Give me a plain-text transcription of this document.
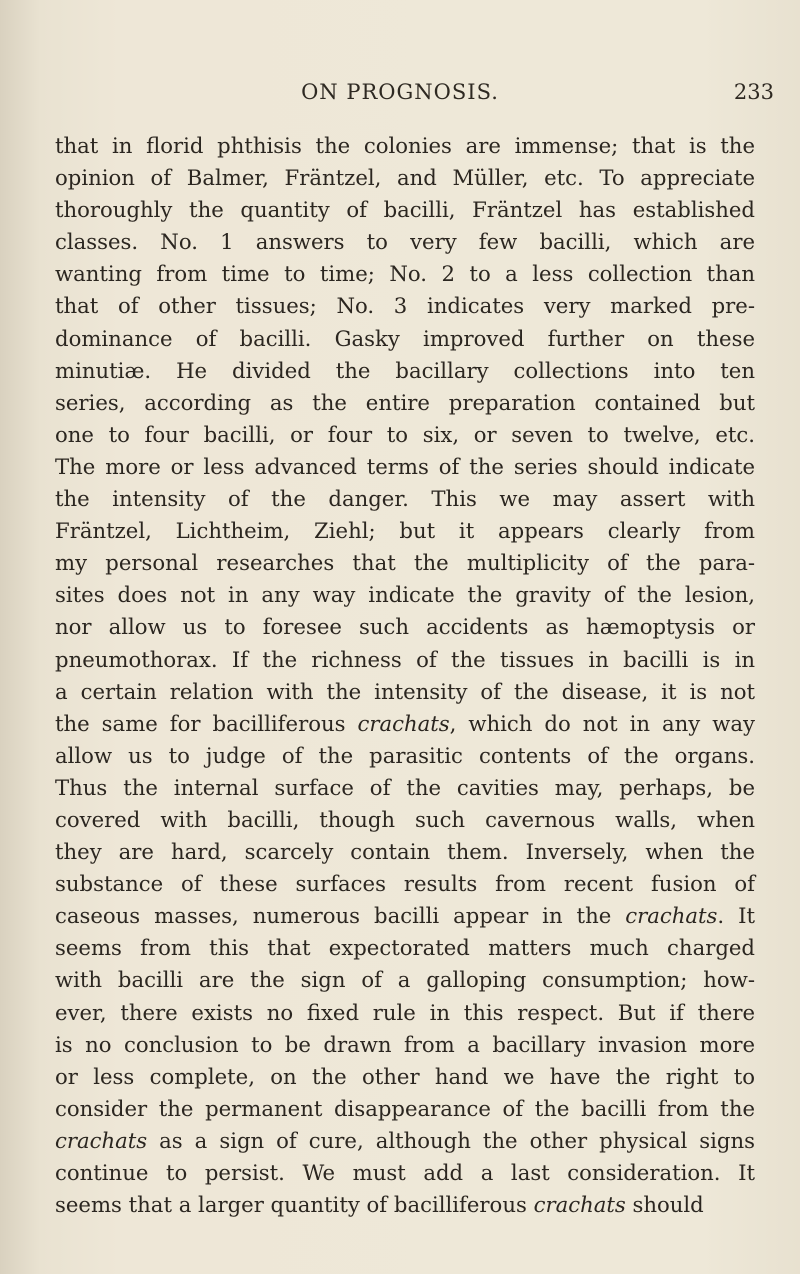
ON PROGNOSIS.	233
that in florid phthisis the colonies are immense; that is the
opinion of Balmer, Fräntzel, and Müller, etc. To appreciate
thoroughly the quantity of bacilli, Fräntzel has established
classes. No. 1 answers to very few bacilli, which are
wanting from time to time; No. 2 to a less collection than
that of other tissues; No. 3 indicates very marked pre-
dominance of bacilli. Gasky improved further on these
minutiæ. He divided the bacillary collections into ten
series, according as the entire preparation contained but
one to four bacilli, or four to six, or seven to twelve, etc.
The more or less advanced terms of the series should indicate
the intensity of the danger. This we may assert with
Fräntzel, Lichtheim, Ziehl; but it appears clearly from
my personal researches that the multiplicity of the para-
sites does not in any way indicate the gravity of the lesion,
nor allow us to foresee such accidents as hæmoptysis or
pneumothorax. If the richness of the tissues in bacilli is in
a certain relation with the intensity of the disease, it is not
the same for bacilliferous crachats, which do not in any way
allow us to judge of the parasitic contents of the organs.
Thus the internal surface of the cavities may, perhaps, be
covered with bacilli, though such cavernous walls, when
they are hard, scarcely contain them. Inversely, when the
substance of these surfaces results from recent fusion of
caseous masses, numerous bacilli appear in the crachats. It
seems from this that expectorated matters much charged
with bacilli are the sign of a galloping consumption; how-
ever, there exists no fixed rule in this respect. But if there
is no conclusion to be drawn from a bacillary invasion more
or less complete, on the other hand we have the right to
consider the permanent disappearance of the bacilli from the
crachats as a sign of cure, although the other physical signs
continue to persist. We must add a last consideration. It
seems that a larger quantity of bacilliferous crachats should
